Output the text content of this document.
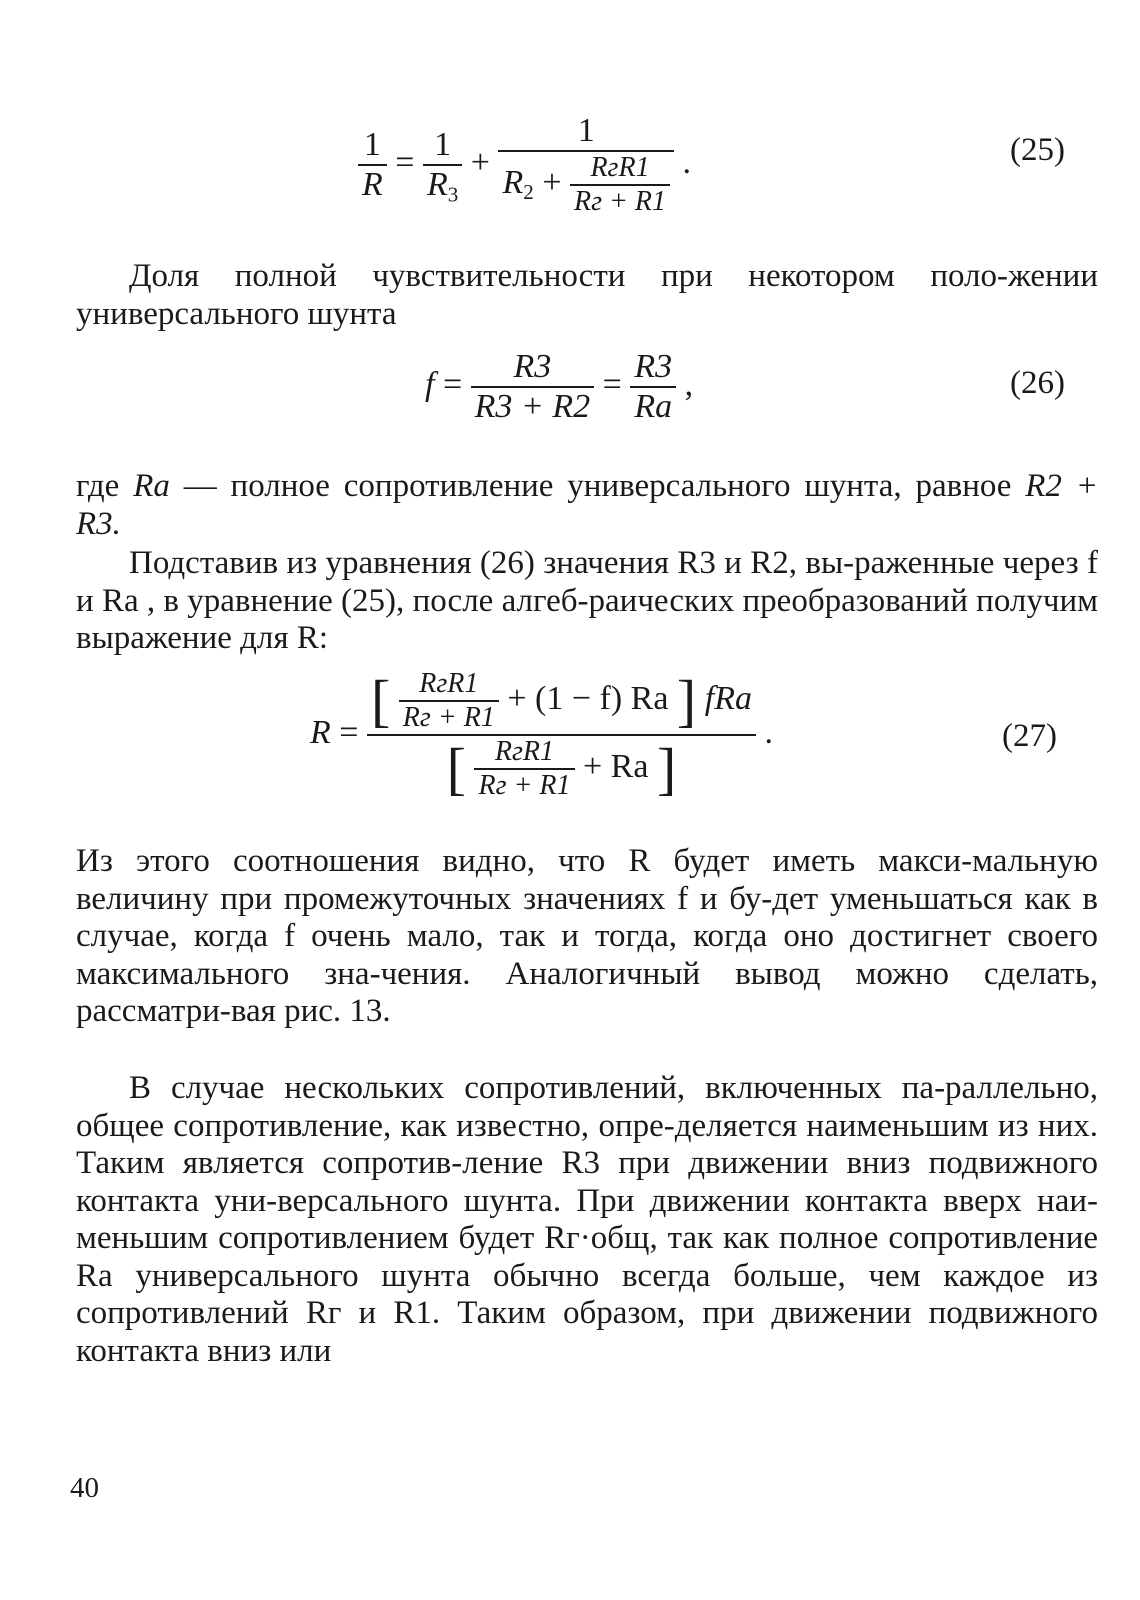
$\frac{1}{R} = \frac{1}{R_3}$ +
1
$R_2 + \frac{\text{RгR1}}{Rг + R1}$ .	(25)

Доля полной чувствительности при некотором поло-жении универсального шунта

$f = \frac{R3}{R3 + R2} = \frac{R3}{Ra}$ ,	(26)

где Ra — полное сопротивление универсального шунта, равное R2 + R3.

Подставив из уравнения (26) значения R3 и R2, вы-раженные через f и Ra , в уравнение (25), после алгеб-раических преобразований получим выражение для R:

R = [ $\frac{\text{RгR1}}{Rг + R1} + (1 - f)$ Ra ] fRa
[ $\frac{\text{RгR1}}{Rг + R1} + Ra$ ]
.	(27)

Из этого соотношения видно, что R будет иметь макси-мальную величину при промежуточных значениях f и бу-дет уменьшаться как в случае, когда f очень мало, так и тогда, когда оно достигнет своего максимального зна-чения. Аналогичный вывод можно сделать, рассматри-вая рис. 13.

В случае нескольких сопротивлений, включенных па-раллельно, общее сопротивление, как известно, опре-деляется наименьшим из них. Таким является сопротив-ление R3 при движении вниз подвижного контакта уни-версального шунта. При движении контакта вверх наи-меньшим сопротивлением будет Rг·общ, так как полное сопротивление Ra универсального шунта обычно всегда больше, чем каждое из сопротивлений Rг и R1. Таким образом, при движении подвижного контакта вниз или

40
